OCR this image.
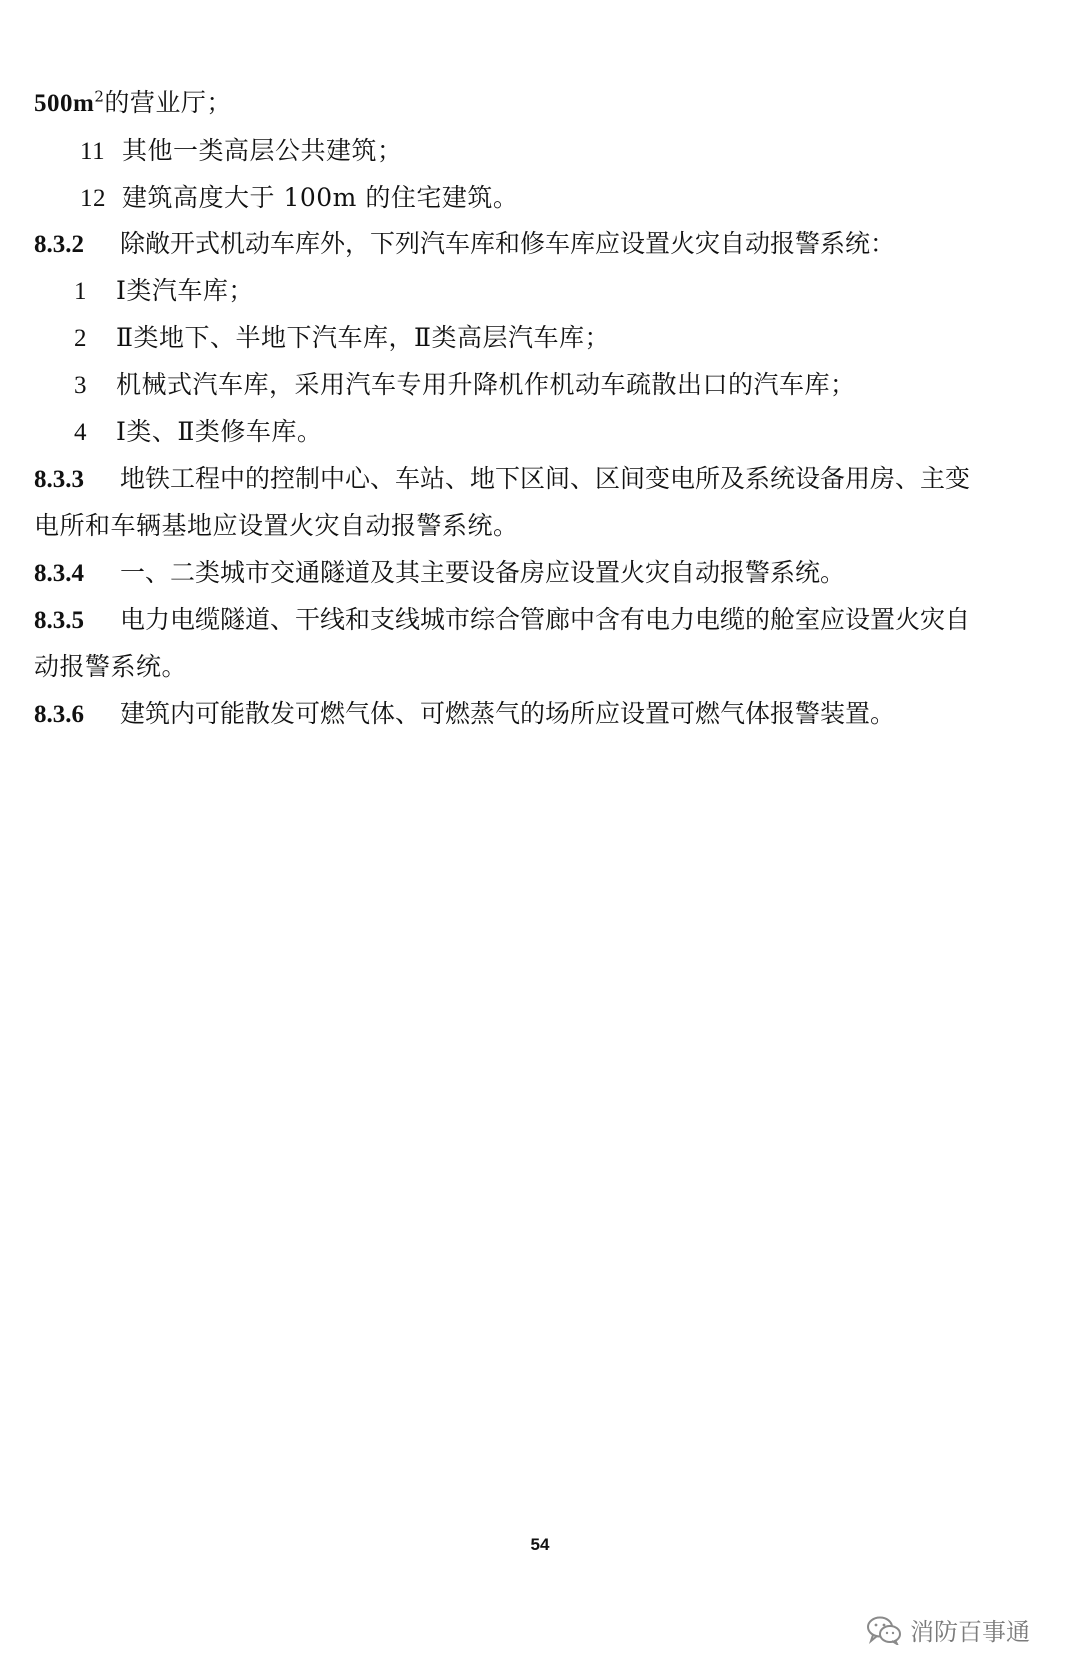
$500m^2$的营业厅；
11 其他一类高层公共建筑；
12 建筑高度大于 100m 的住宅建筑。
8.3.2 除敞开式机动车库外，下列汽车库和修车库应设置火灾自动报警系统：
1 Ⅰ类汽车库；
2 Ⅱ类地下、半地下汽车库，Ⅱ类高层汽车库；
3 机械式汽车库，采用汽车专用升降机作机动车疏散出口的汽车库；
4 Ⅰ类、Ⅱ类修车库。
8.3.3 地铁工程中的控制中心、车站、地下区间、区间变电所及系统设备用房、主变
电所和车辆基地应设置火灾自动报警系统。
8.3.4 一、二类城市交通隧道及其主要设备房应设置火灾自动报警系统。
8.3.5 电力电缆隧道、干线和支线城市综合管廊中含有电力电缆的舱室应设置火灾自
动报警系统。
8.3.6 建筑内可能散发可燃气体、可燃蒸气的场所应设置可燃气体报警装置。
54
消防百事通
